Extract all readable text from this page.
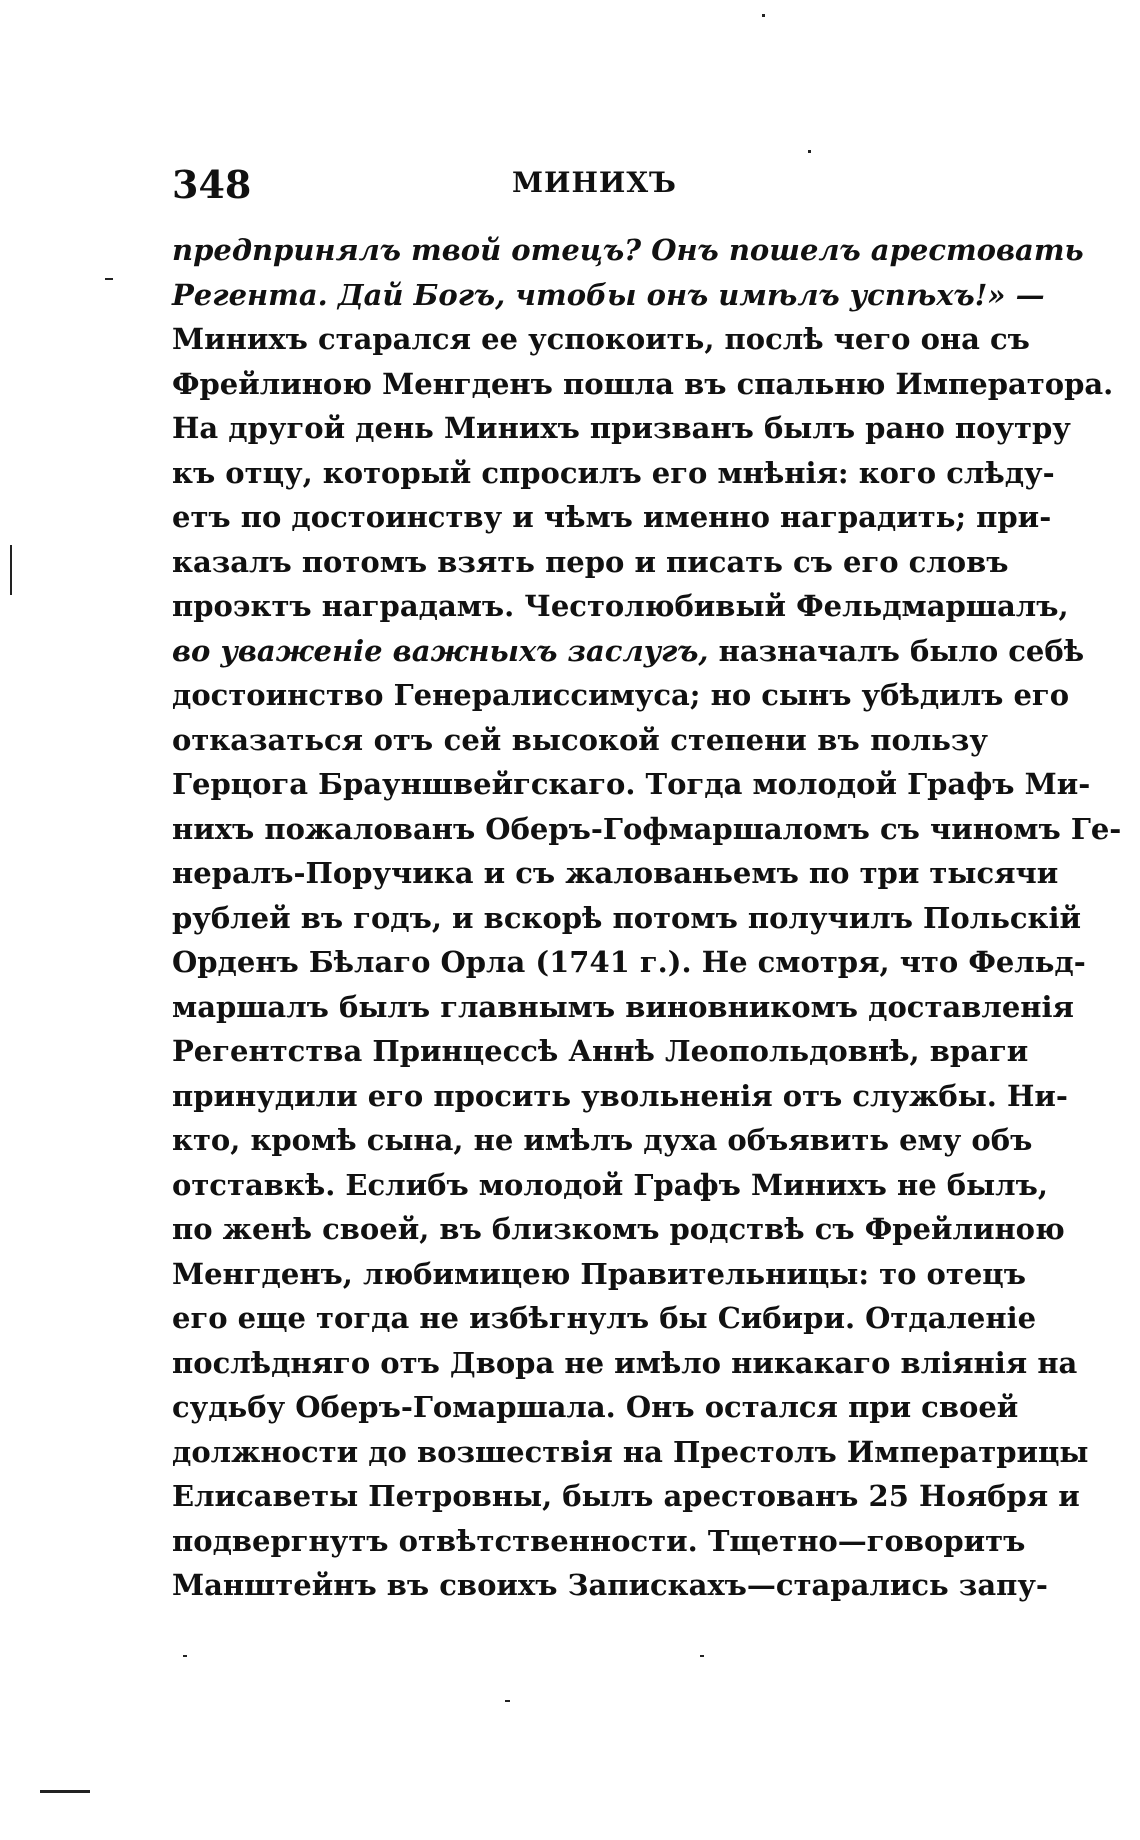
348	МИНИХЪ
предпринялъ твой отецъ? Онъ пошелъ арестовать
Регента. Дай Богъ, чтобы онъ имѣлъ успѣхъ!» —
Минихъ старался ее успокоить, послѣ чего она съ
Фрейлиною Менгденъ пошла въ спальню Императора.
На другой день Минихъ призванъ былъ рано поутру
къ отцу, который спросилъ его мнѣнія: кого слѣду-
етъ по достоинству и чѣмъ именно наградить; при-
казалъ потомъ взять перо и писать съ его словъ
проэктъ наградамъ. Честолюбивый Фельдмаршалъ,
во уваженіе важныхъ заслугъ, назначалъ было себѣ
достоинство Генералиссимуса; но сынъ убѣдилъ его
отказаться отъ сей высокой степени въ пользу
Герцога Брауншвейгскаго. Тогда молодой Графъ Ми-
нихъ пожалованъ Оберъ-Гофмаршаломъ съ чиномъ Ге-
нералъ-Поручика и съ жалованьемъ по три тысячи
рублей въ годъ, и вскорѣ потомъ получилъ Польскій
Орденъ Бѣлаго Орла (1741 г.). Не смотря, что Фельд-
маршалъ былъ главнымъ виновникомъ доставленія
Регентства Принцессѣ Аннѣ Леопольдовнѣ, враги
принудили его просить увольненія отъ службы. Ни-
кто, кромѣ сына, не имѣлъ духа объявить ему объ
отставкѣ. Еслибъ молодой Графъ Минихъ не былъ,
по женѣ своей, въ близкомъ родствѣ съ Фрейлиною
Менгденъ, любимицею Правительницы: то отецъ
его еще тогда не избѣгнулъ бы Сибири. Отдаленіе
послѣдняго отъ Двора не имѣло никакаго вліянія на
судьбу Оберъ-Гомаршала. Онъ остался при своей
должности до возшествія на Престолъ Императрицы
Елисаветы Петровны, былъ арестованъ 25 Ноября и
подвергнутъ отвѣтственности. Тщетно—говоритъ
Манштейнъ въ своихъ Запискахъ—старались запу-
